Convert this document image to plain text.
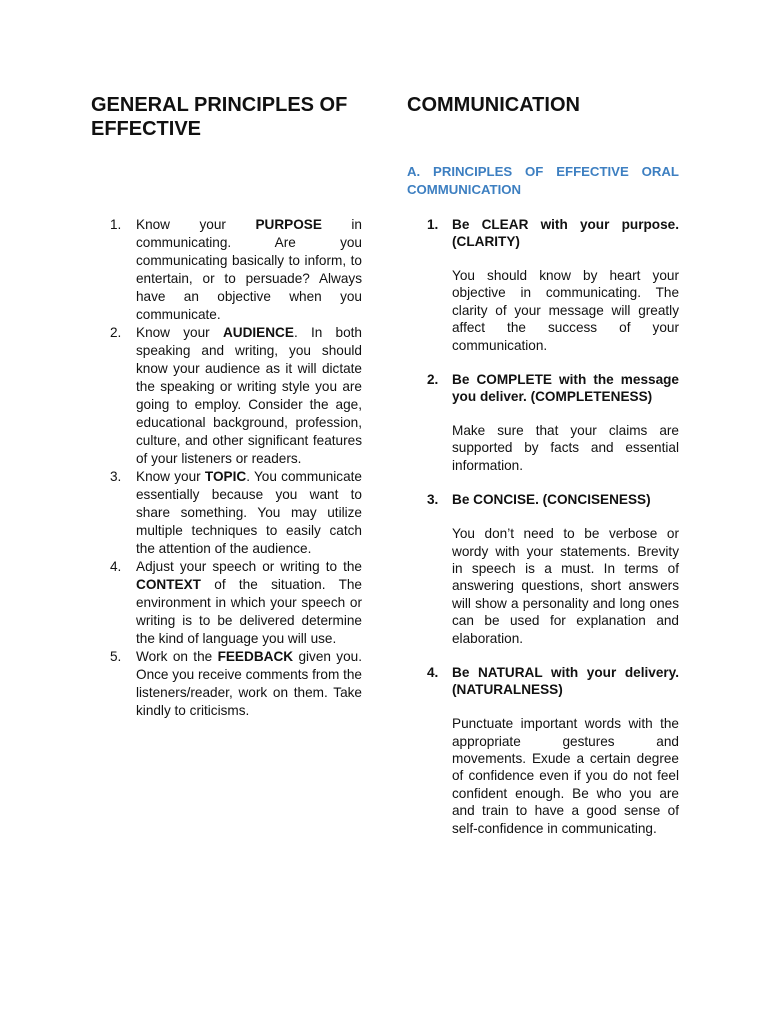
GENERAL PRINCIPLES OF EFFECTIVE
COMMUNICATION
A. PRINCIPLES OF EFFECTIVE ORAL COMMUNICATION
1. Know your PURPOSE in communicating. Are you communicating basically to inform, to entertain, or to persuade? Always have an objective when you communicate.
2. Know your AUDIENCE. In both speaking and writing, you should know your audience as it will dictate the speaking or writing style you are going to employ. Consider the age, educational background, profession, culture, and other significant features of your listeners or readers.
3. Know your TOPIC. You communicate essentially because you want to share something. You may utilize multiple techniques to easily catch the attention of the audience.
4. Adjust your speech or writing to the CONTEXT of the situation. The environment in which your speech or writing is to be delivered determine the kind of language you will use.
5. Work on the FEEDBACK given you. Once you receive comments from the listeners/reader, work on them. Take kindly to criticisms.
1. Be CLEAR with your purpose. (CLARITY)

You should know by heart your objective in communicating. The clarity of your message will greatly affect the success of your communication.

2. Be COMPLETE with the message you deliver. (COMPLETENESS)

Make sure that your claims are supported by facts and essential information.

3. Be CONCISE. (CONCISENESS)

You don’t need to be verbose or wordy with your statements. Brevity in speech is a must. In terms of answering questions, short answers will show a personality and long ones can be used for explanation and elaboration.

4. Be NATURAL with your delivery. (NATURALNESS)

Punctuate important words with the appropriate gestures and movements. Exude a certain degree of confidence even if you do not feel confident enough. Be who you are and train to have a good sense of self-confidence in communicating.
